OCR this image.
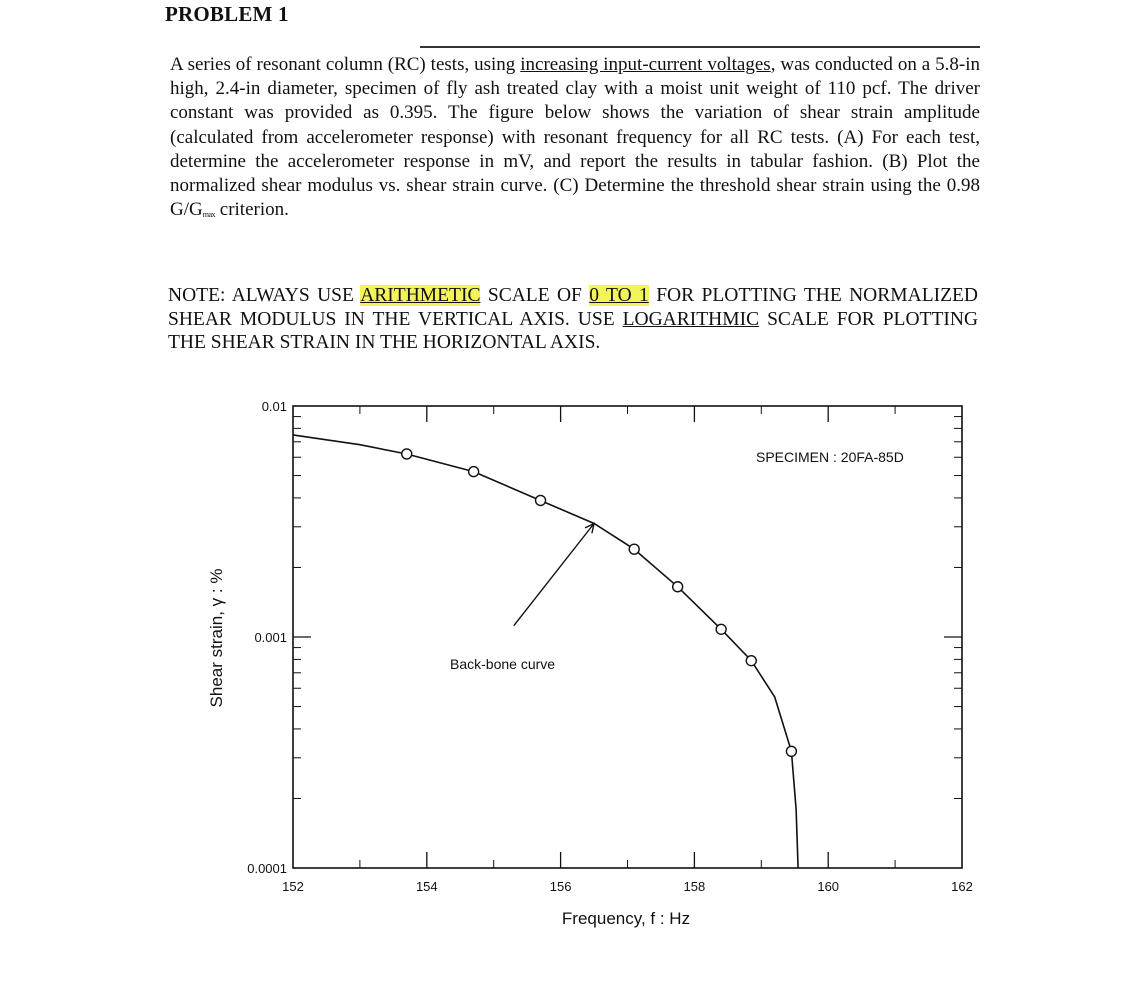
PROBLEM 1

A series of resonant column (RC) tests, using increasing input-current voltages, was conducted on a 5.8-in high, 2.4-in diameter, specimen of fly ash treated clay with a moist unit weight of 110 pcf. The driver constant was provided as 0.395. The figure below shows the variation of shear strain amplitude (calculated from accelerometer response) with resonant frequency for all RC tests. (A) For each test, determine the accelerometer response in mV, and report the results in tabular fashion. (B) Plot the normalized shear modulus vs. shear strain curve. (C) Determine the threshold shear strain using the 0.98 $G/G_{max}$ criterion.

NOTE: ALWAYS USE ARITHMETIC SCALE OF 0 TO 1 FOR PLOTTING THE NORMALIZED SHEAR MODULUS IN THE VERTICAL AXIS. USE LOGARITHMIC SCALE FOR PLOTTING THE SHEAR STRAIN IN THE HORIZONTAL AXIS.

152	154	156	158	160	162
0.0001
0.001
0.01
SPECIMEN : 20FA-85D
Back-bone curve
Frequency, f : Hz
Shear strain, γ : %
